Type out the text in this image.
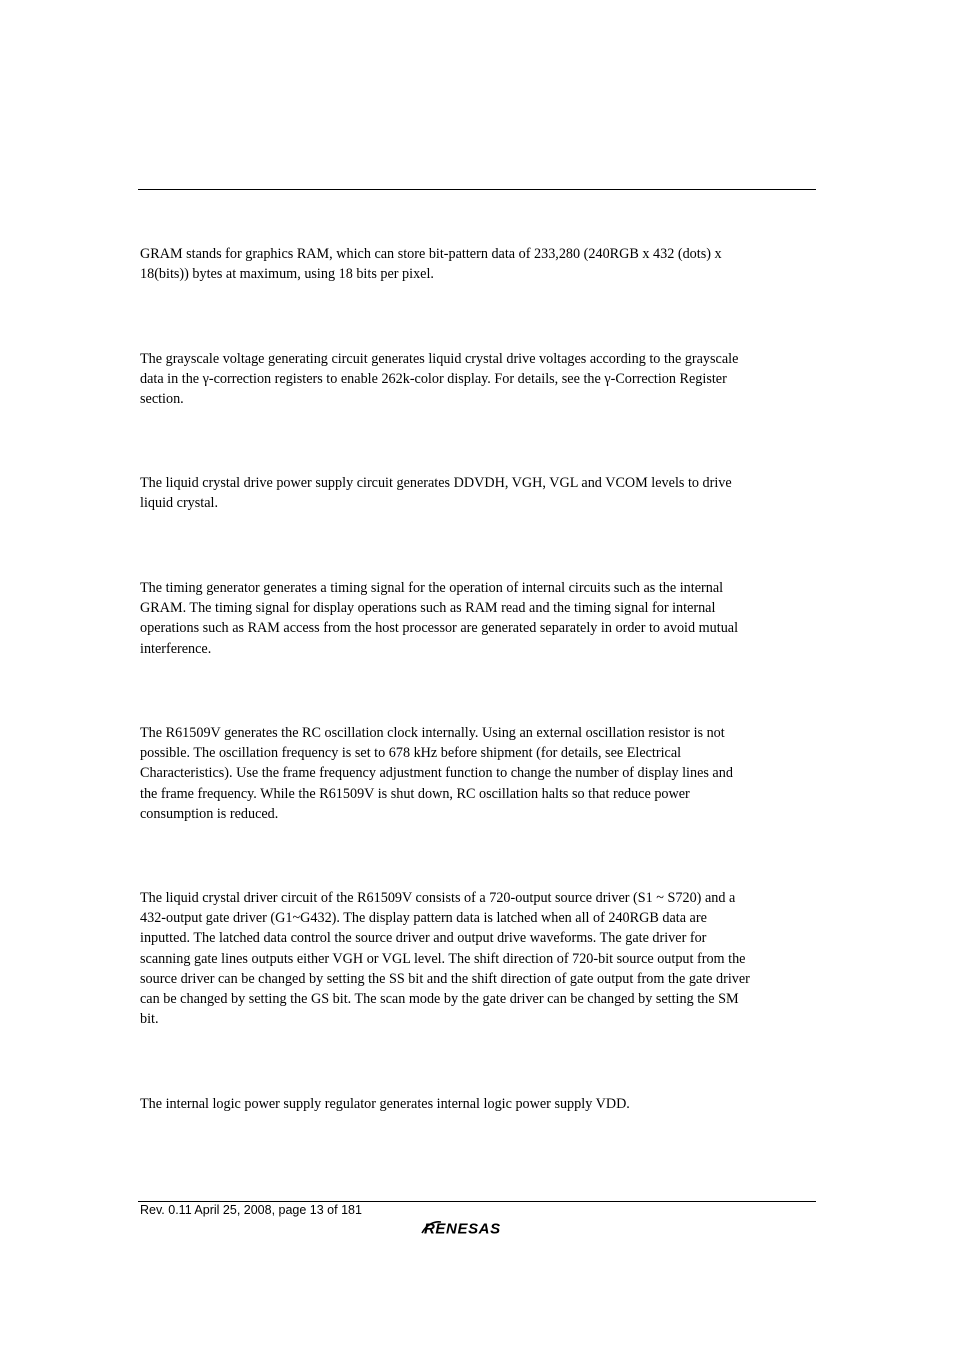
GRAM stands for graphics RAM, which can store bit-pattern data of 233,280 (240RGB x 432 (dots) x
18(bits)) bytes at maximum, using 18 bits per pixel.

The grayscale voltage generating circuit generates liquid crystal drive voltages according to the grayscale
data in the γ-correction registers to enable 262k-color display. For details, see the γ-Correction Register
section.

The liquid crystal drive power supply circuit generates DDVDH, VGH, VGL and VCOM levels to drive
liquid crystal.

The timing generator generates a timing signal for the operation of internal circuits such as the internal
GRAM. The timing signal for display operations such as RAM read and the timing signal for internal
operations such as RAM access from the host processor are generated separately in order to avoid mutual
interference.

The R61509V generates the RC oscillation clock internally. Using an external oscillation resistor is not
possible. The oscillation frequency is set to 678 kHz before shipment (for details, see Electrical
Characteristics). Use the frame frequency adjustment function to change the number of display lines and
the frame frequency. While the R61509V is shut down, RC oscillation halts so that reduce power
consumption is reduced.

The liquid crystal driver circuit of the R61509V consists of a 720-output source driver (S1 ~ S720) and a
432-output gate driver (G1~G432). The display pattern data is latched when all of 240RGB data are
inputted. The latched data control the source driver and output drive waveforms. The gate driver for
scanning gate lines outputs either VGH or VGL level. The shift direction of 720-bit source output from the
source driver can be changed by setting the SS bit and the shift direction of gate output from the gate driver
can be changed by setting the GS bit. The scan mode by the gate driver can be changed by setting the SM
bit.

The internal logic power supply regulator generates internal logic power supply VDD.

Rev. 0.11 April 25, 2008, page 13 of 181

RENESAS
